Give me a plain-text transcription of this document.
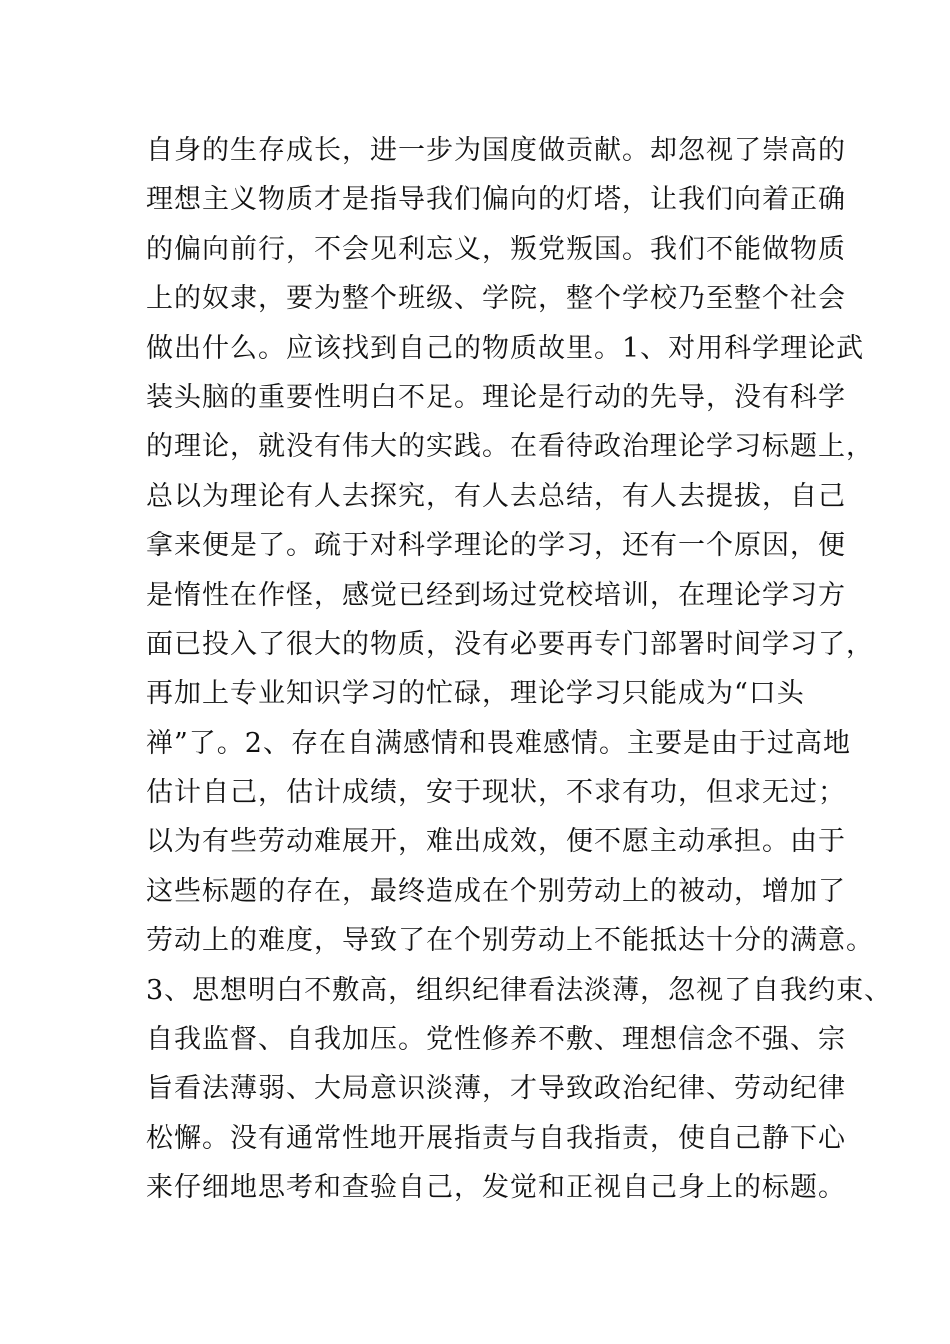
自身的生存成长，进一步为国度做贡献。却忽视了崇高的
理想主义物质才是指导我们偏向的灯塔，让我们向着正确
的偏向前行，不会见利忘义，叛党叛国。我们不能做物质
上的奴隶，要为整个班级、学院，整个学校乃至整个社会
做出什么。应该找到自己的物质故里。1、对用科学理论武
装头脑的重要性明白不足。理论是行动的先导，没有科学
的理论，就没有伟大的实践。在看待政治理论学习标题上，
总以为理论有人去探究，有人去总结，有人去提拔，自己
拿来便是了。疏于对科学理论的学习，还有一个原因，便
是惰性在作怪，感觉已经到场过党校培训，在理论学习方
面已投入了很大的物质，没有必要再专门部署时间学习了，
再加上专业知识学习的忙碌，理论学习只能成为“口头
禅”了。2、存在自满感情和畏难感情。主要是由于过高地
估计自己，估计成绩，安于现状，不求有功，但求无过；
以为有些劳动难展开，难出成效，便不愿主动承担。由于
这些标题的存在，最终造成在个别劳动上的被动，增加了
劳动上的难度，导致了在个别劳动上不能抵达十分的满意。
3、思想明白不敷高，组织纪律看法淡薄，忽视了自我约束、
自我监督、自我加压。党性修养不敷、理想信念不强、宗
旨看法薄弱、大局意识淡薄，才导致政治纪律、劳动纪律
松懈。没有通常性地开展指责与自我指责，使自己静下心
来仔细地思考和查验自己，发觉和正视自己身上的标题。
